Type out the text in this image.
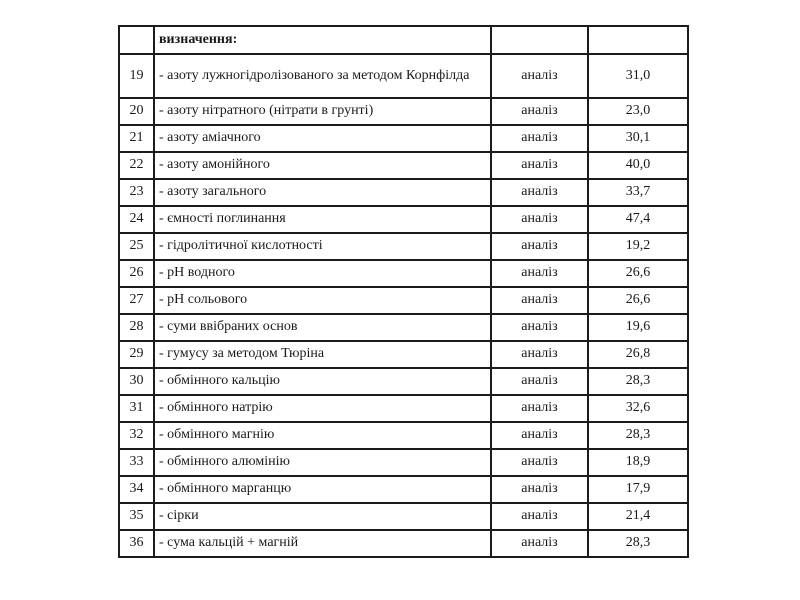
	визначення:		
19	- азоту лужногідролізованого за методом Корнфілда	аналіз	31,0
20	- азоту нітратного (нітрати в грунті)	аналіз	23,0
21	- азоту аміачного	аналіз	30,1
22	- азоту амонійного	аналіз	40,0
23	- азоту загального	аналіз	33,7
24	- ємності поглинання	аналіз	47,4
25	- гідролітичної кислотності	аналіз	19,2
26	- рН водного	аналіз	26,6
27	- рН сольового	аналіз	26,6
28	- суми ввібраних основ	аналіз	19,6
29	- гумусу за методом Тюріна	аналіз	26,8
30	- обмінного кальцію	аналіз	28,3
31	- обмінного натрію	аналіз	32,6
32	- обмінного магнію	аналіз	28,3
33	- обмінного алюмінію	аналіз	18,9
34	- обмінного марганцю	аналіз	17,9
35	- сірки	аналіз	21,4
36	- сума кальцій + магній	аналіз	28,3
